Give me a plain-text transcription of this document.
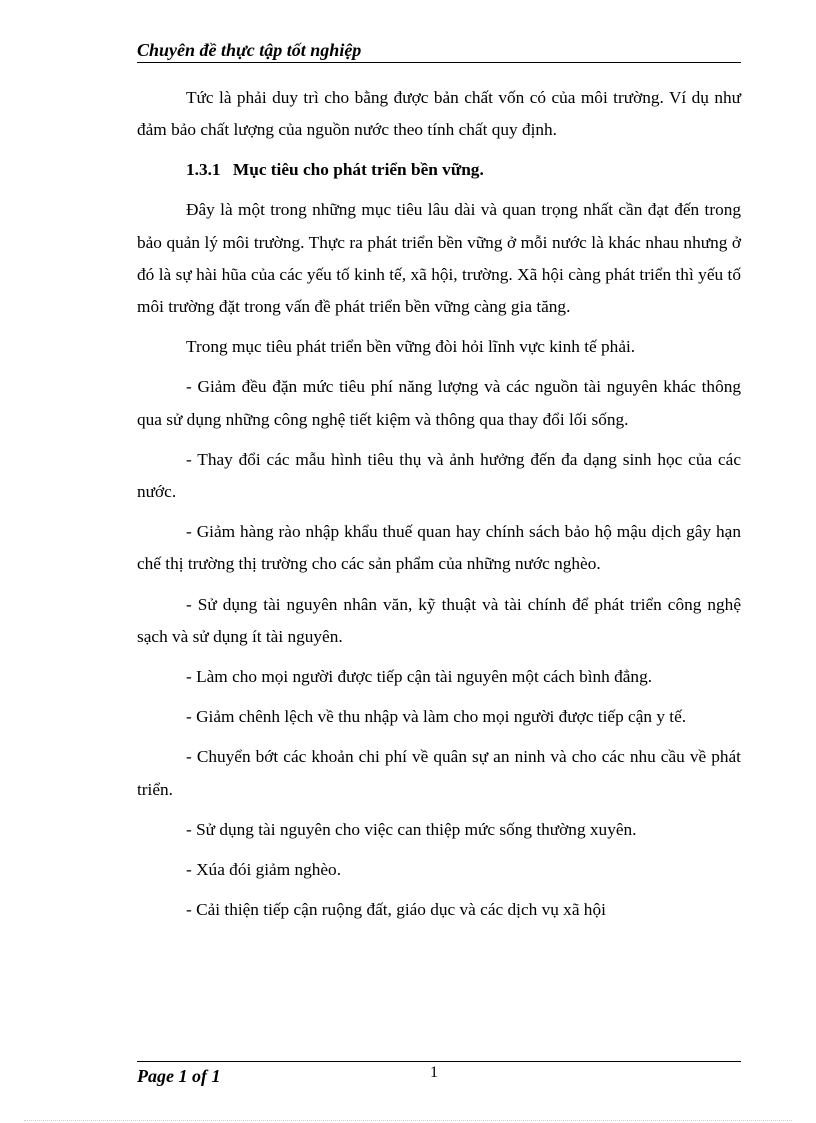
Chuyên đề thực tập tốt nghiệp

Tức là phải duy trì cho bằng được bản chất vốn có của môi trường. Ví dụ như đảm bảo chất lượng của nguồn nước theo tính chất quy định.

1.3.1 Mục tiêu cho phát triển bền vững.

Đây là một trong những mục tiêu lâu dài và quan trọng nhất cần đạt đến trong bảo quản lý môi trường. Thực ra phát triển bền vững ở mỗi nước là khác nhau nhưng ở đó là sự hài hũa của các yếu tố kinh tế, xã hội, trường. Xã hội càng phát triển thì yếu tố môi trường đặt trong vấn đề phát triển bền vững càng gia tăng.

Trong mục tiêu phát triển bền vững đòi hỏi lĩnh vực kinh tế phải.

- Giảm đều đặn mức tiêu phí năng lượng và các nguồn tài nguyên khác thông qua sử dụng những công nghệ tiết kiệm và thông qua thay đổi lối sống.

- Thay đổi các mẫu hình tiêu thụ và ảnh hưởng đến đa dạng sinh học của các nước.

- Giảm hàng rào nhập khẩu thuế quan hay chính sách bảo hộ mậu dịch gây hạn chế thị trường thị trường cho các sản phẩm của những nước nghèo.

- Sử dụng tài nguyên nhân văn, kỹ thuật và tài chính để phát triển công nghệ sạch và sử dụng ít tài nguyên.

- Làm cho mọi người được tiếp cận tài nguyên một cách bình đẳng.

- Giảm chênh lệch về thu nhập và làm cho mọi người được tiếp cận y tế.

- Chuyển bớt các khoản chi phí về quân sự an ninh và cho các nhu cầu về phát triển.

- Sử dụng tài nguyên cho việc can thiệp mức sống thường xuyên.

- Xúa đói giảm nghèo.

- Cải thiện tiếp cận ruộng đất, giáo dục và các dịch vụ xã hội

Page 1 of 1	1
